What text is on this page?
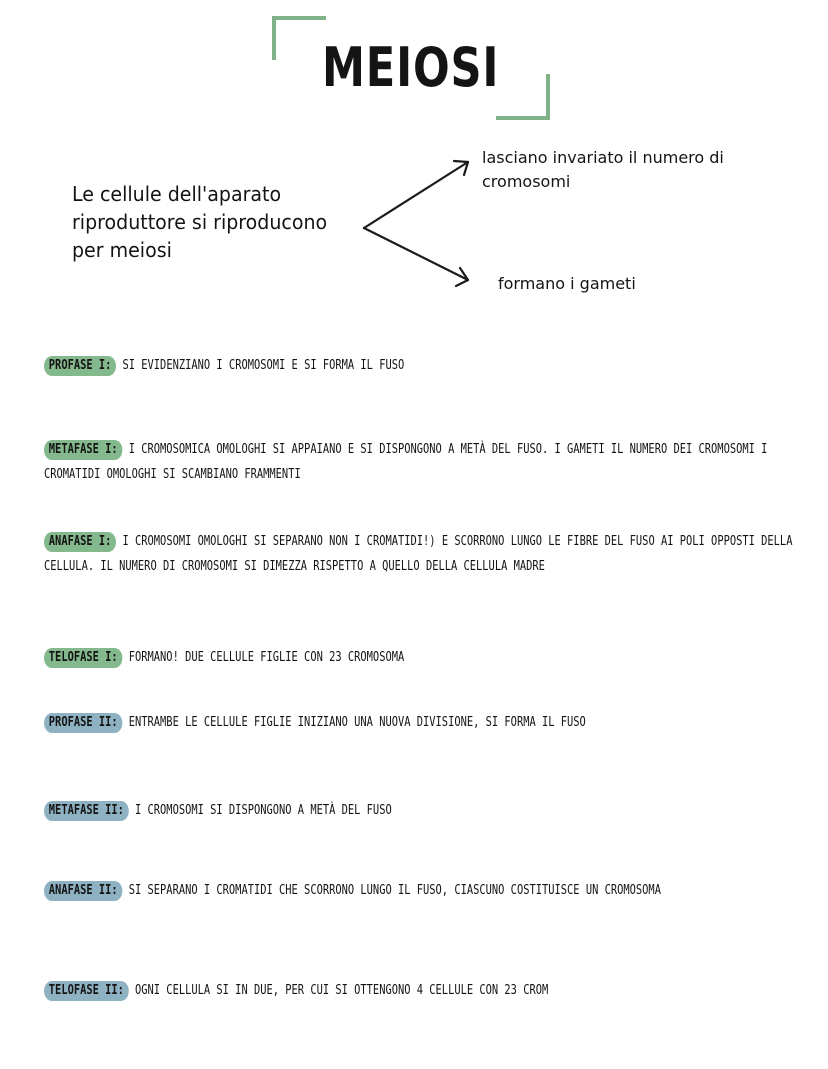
MEIOSI

Le cellule dell'aparato riproduttore si riproducono per meiosi

lasciano invariato il numero di cromosomi

formano i gameti

PROFASE I: SI EVIDENZIANO I CROMOSOMI E SI FORMA IL FUSO

METAFASE I: I CROMOSOMICA OMOLOGHI SI APPAIANO E SI DISPONGONO A METÀ DEL FUSO. I GAMETI IL NUMERO DEI CROMOSOMI I CROMATIDI OMOLOGHI SI SCAMBIANO FRAMMENTI

ANAFASE I: I CROMOSOMI OMOLOGHI SI SEPARANO NON I CROMATIDI!) E SCORRONO LUNGO LE FIBRE DEL FUSO AI POLI OPPOSTI DELLA CELLULA. IL NUMERO DI CROMOSOMI SI DIMEZZA RISPETTO A QUELLO DELLA CELLULA MADRE

TELOFASE I: FORMANO! DUE CELLULE FIGLIE CON 23 CROMOSOMA

PROFASE II: ENTRAMBE LE CELLULE FIGLIE INIZIANO UNA NUOVA DIVISIONE, SI FORMA IL FUSO

METAFASE II: I CROMOSOMI SI DISPONGONO A METÀ DEL FUSO

ANAFASE II: SI SEPARANO I CROMATIDI CHE SCORRONO LUNGO IL FUSO, CIASCUNO COSTITUISCE UN CROMOSOMA

TELOFASE II: OGNI CELLULA SI IN DUE, PER CUI SI OTTENGONO 4 CELLULE CON 23 CROM
